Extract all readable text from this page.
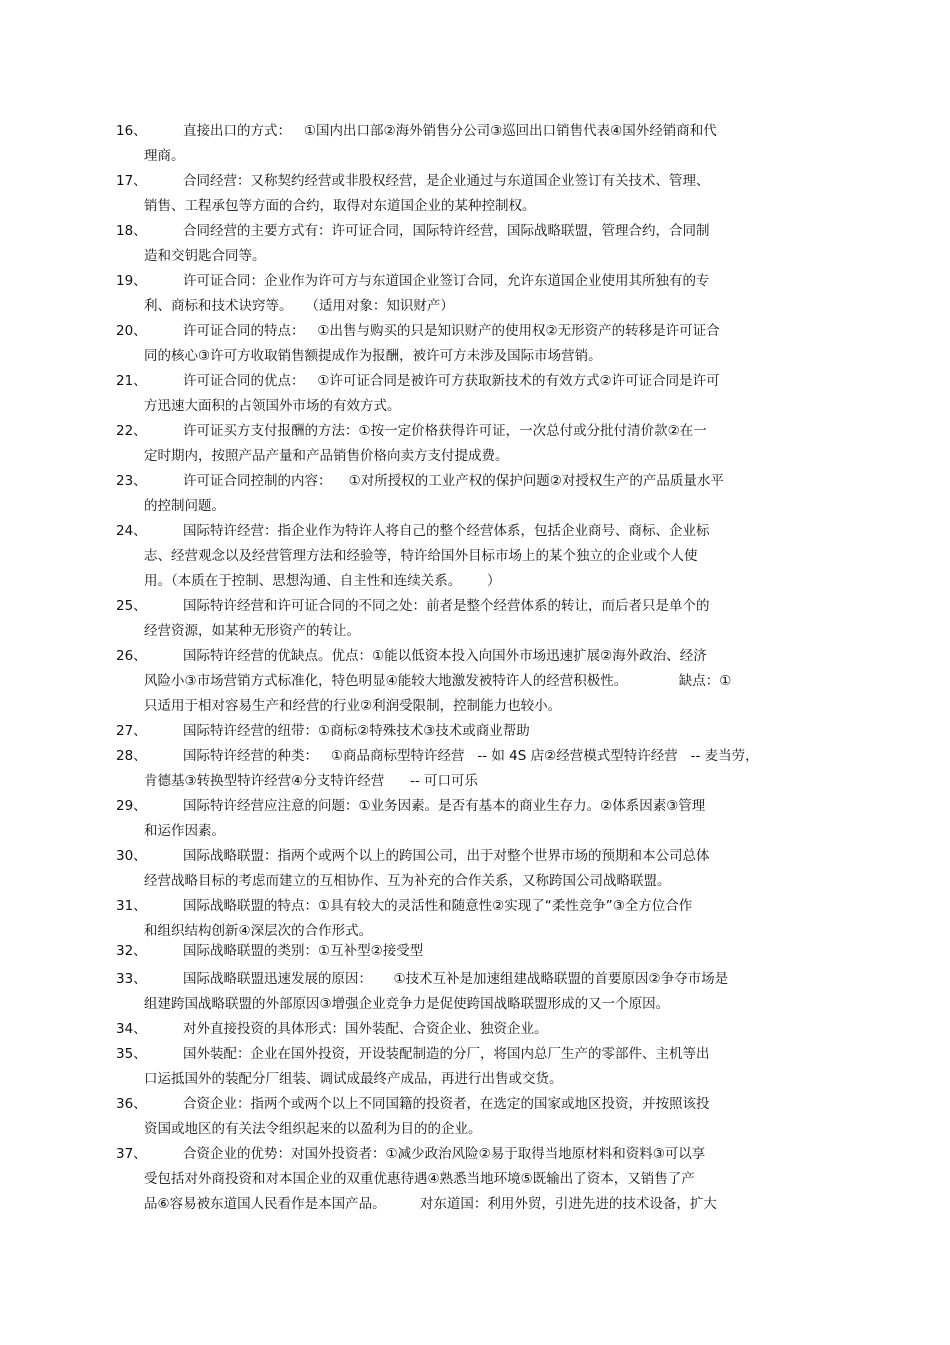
16、	直接出口的方式：   ①国内出口部②海外销售分公司③巡回出口销售代表④国外经销商和代
理商。
17、	合同经营：又称契约经营或非股权经营，是企业通过与东道国企业签订有关技术、管理、
销售、工程承包等方面的合约，取得对东道国企业的某种控制权。
18、	合同经营的主要方式有：许可证合同，国际特许经营，国际战略联盟，管理合约，合同制
造和交钥匙合同等。
19、	许可证合同：企业作为许可方与东道国企业签订合同，允许东道国企业使用其所独有的专
利、商标和技术诀窍等。   （适用对象：知识财产）
20、	许可证合同的特点：   ①出售与购买的只是知识财产的使用权②无形资产的转移是许可证合
同的核心③许可方收取销售额提成作为报酬，被许可方未涉及国际市场营销。
21、	许可证合同的优点：   ①许可证合同是被许可方获取新技术的有效方式②许可证合同是许可
方迅速大面积的占领国外市场的有效方式。
22、	许可证买方支付报酬的方法：①按一定价格获得许可证，一次总付或分批付清价款②在一
定时期内，按照产品产量和产品销售价格向卖方支付提成费。
23、	许可证合同控制的内容：    ①对所授权的工业产权的保护问题②对授权生产的产品质量水平
的控制问题。
24、	国际特许经营：指企业作为特许人将自己的整个经营体系，包括企业商号、商标、企业标
志、经营观念以及经营管理方法和经验等，特许给国外目标市场上的某个独立的企业或个人使
用。（本质在于控制、思想沟通、自主性和连续关系。      ）
25、	国际特许经营和许可证合同的不同之处：前者是整个经营体系的转让，而后者只是单个的
经营资源，如某种无形资产的转让。
26、	国际特许经营的优缺点。优点：①能以低资本投入向国外市场迅速扩展②海外政治、经济
风险小③市场营销方式标准化，特色明显④能较大地激发被特许人的经营积极性。            缺点：①
只适用于相对容易生产和经营的行业②利润受限制，控制能力也较小。
27、	国际特许经营的纽带：①商标②特殊技术③技术或商业帮助
28、	国际特许经营的种类：   ①商品商标型特许经营   -- 如 4S 店②经营模式型特许经营   -- 麦当劳，
肯德基③转换型特许经营④分支特许经营      -- 可口可乐
29、	国际特许经营应注意的问题：①业务因素。是否有基本的商业生存力。②体系因素③管理
和运作因素。
30、	国际战略联盟：指两个或两个以上的跨国公司，出于对整个世界市场的预期和本公司总体
经营战略目标的考虑而建立的互相协作、互为补充的合作关系，又称跨国公司战略联盟。
31、	国际战略联盟的特点：①具有较大的灵活性和随意性②实现了“柔性竞争”③全方位合作
和组织结构创新④深层次的合作形式。
32、	国际战略联盟的类别：①互补型②接受型
33、	国际战略联盟迅速发展的原因：     ①技术互补是加速组建战略联盟的首要原因②争夺市场是
组建跨国战略联盟的外部原因③增强企业竞争力是促使跨国战略联盟形成的又一个原因。
34、	对外直接投资的具体形式：国外装配、合资企业、独资企业。
35、	国外装配：企业在国外投资，开设装配制造的分厂，将国内总厂生产的零部件、主机等出
口运抵国外的装配分厂组装、调试成最终产成品，再进行出售或交货。
36、	合资企业：指两个或两个以上不同国籍的投资者，在选定的国家或地区投资，并按照该投
资国或地区的有关法令组织起来的以盈利为目的的企业。
37、	合资企业的优势：对国外投资者：①减少政治风险②易于取得当地原材料和资料③可以享
受包括对外商投资和对本国企业的双重优惠待遇④熟悉当地环境⑤既输出了资本，又销售了产
品⑥容易被东道国人民看作是本国产品。        对东道国：利用外贸，引进先进的技术设备，扩大
